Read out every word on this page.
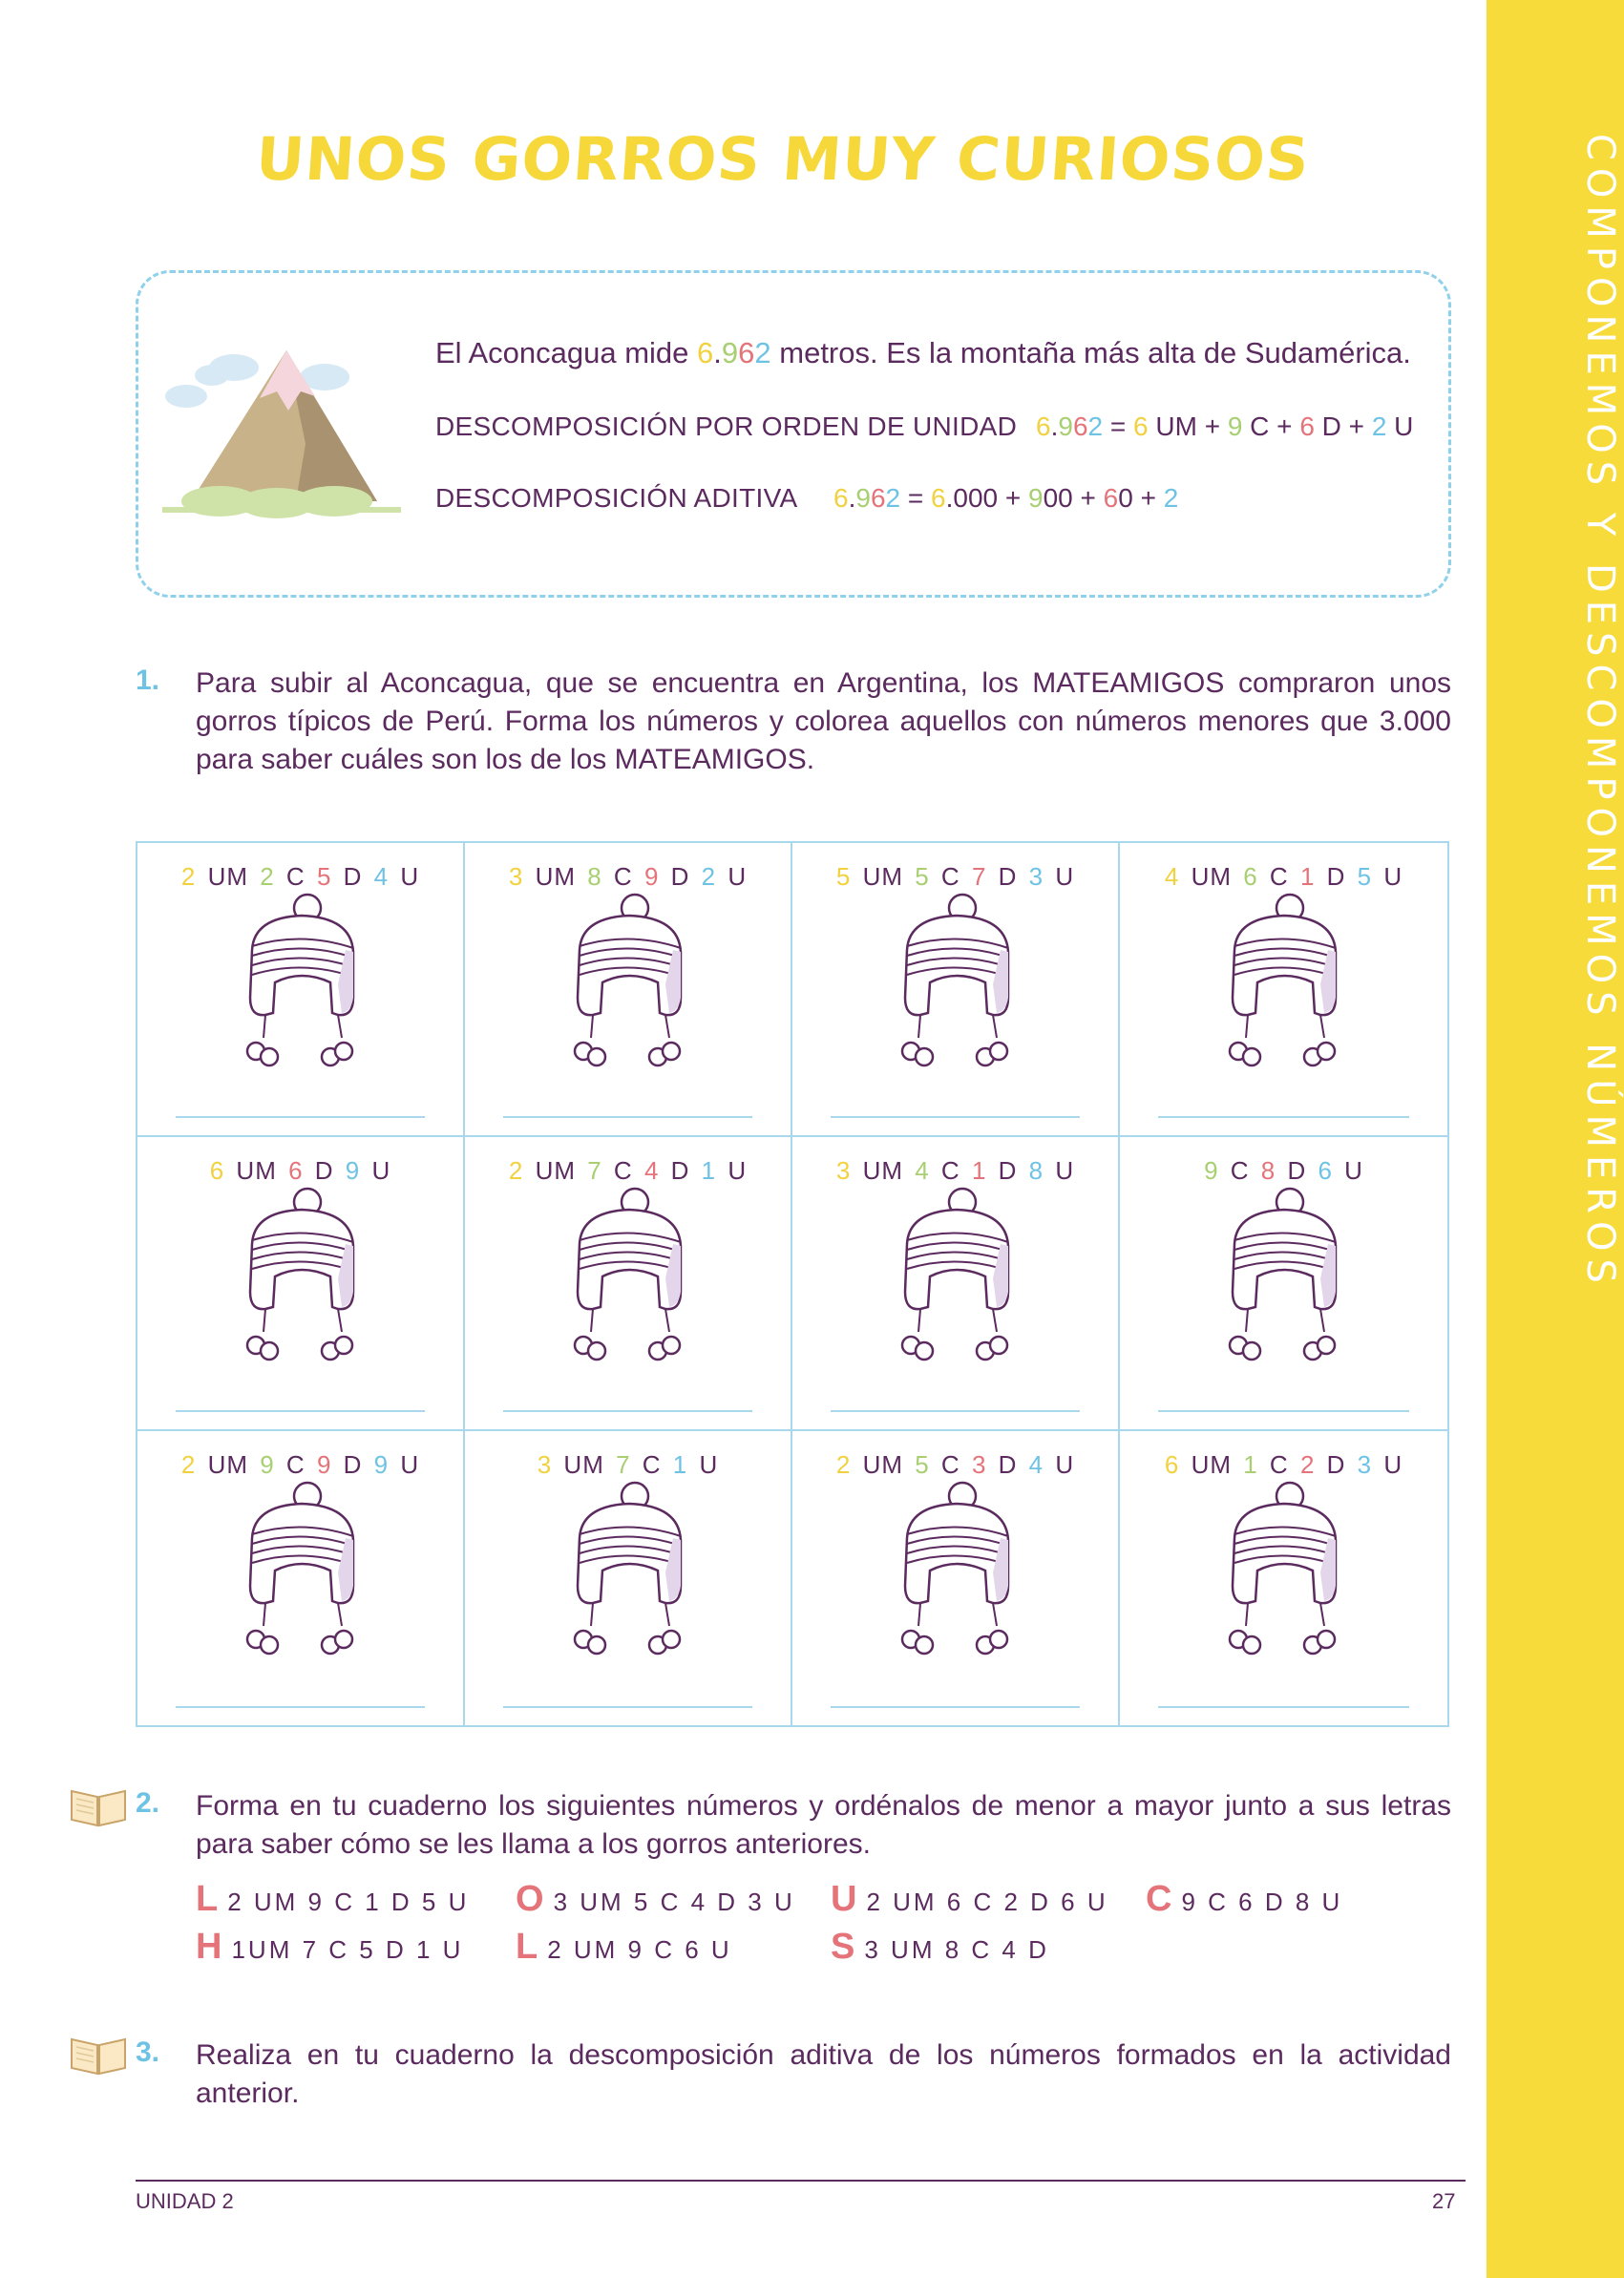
COMPONEMOS Y DESCOMPONEMOS NÚMEROS
UNOS GORROS MUY CURIOSOS
El Aconcagua mide 6.962 metros. Es la montaña más alta de Sudamérica.
DESCOMPOSICIÓN POR ORDEN DE UNIDAD 6.962 = 6 UM + 9 C + 6 D + 2 U
DESCOMPOSICIÓN ADITIVA 6.962 = 6.000 + 900 + 60 + 2
1. Para subir al Aconcagua, que se encuentra en Argentina, los MATEAMIGOS compraron unos gorros típicos de Perú. Forma los números y colorea aquellos con números menores que 3.000 para saber cuáles son los de los MATEAMIGOS.
2 UM 2 C 5 D 4 U	3 UM 8 C 9 D 2 U	5 UM 5 C 7 D 3 U	4 UM 6 C 1 D 5 U
6 UM 6 D 9 U	2 UM 7 C 4 D 1 U	3 UM 4 C 1 D 8 U	9 C 8 D 6 U
2 UM 9 C 9 D 9 U	3 UM 7 C 1 U	2 UM 5 C 3 D 4 U	6 UM 1 C 2 D 3 U
2. Forma en tu cuaderno los siguientes números y ordénalos de menor a mayor junto a sus letras para saber cómo se les llama a los gorros anteriores.
L 2 UM 9 C 1 D 5 U O 3 UM 5 C 4 D 3 U U 2 UM 6 C 2 D 6 U C 9 C 6 D 8 U
H 1UM 7 C 5 D 1 U L 2 UM 9 C 6 U	S 3 UM 8 C 4 D
3. Realiza en tu cuaderno la descomposición aditiva de los números formados en la actividad anterior.
UNIDAD 2	27
